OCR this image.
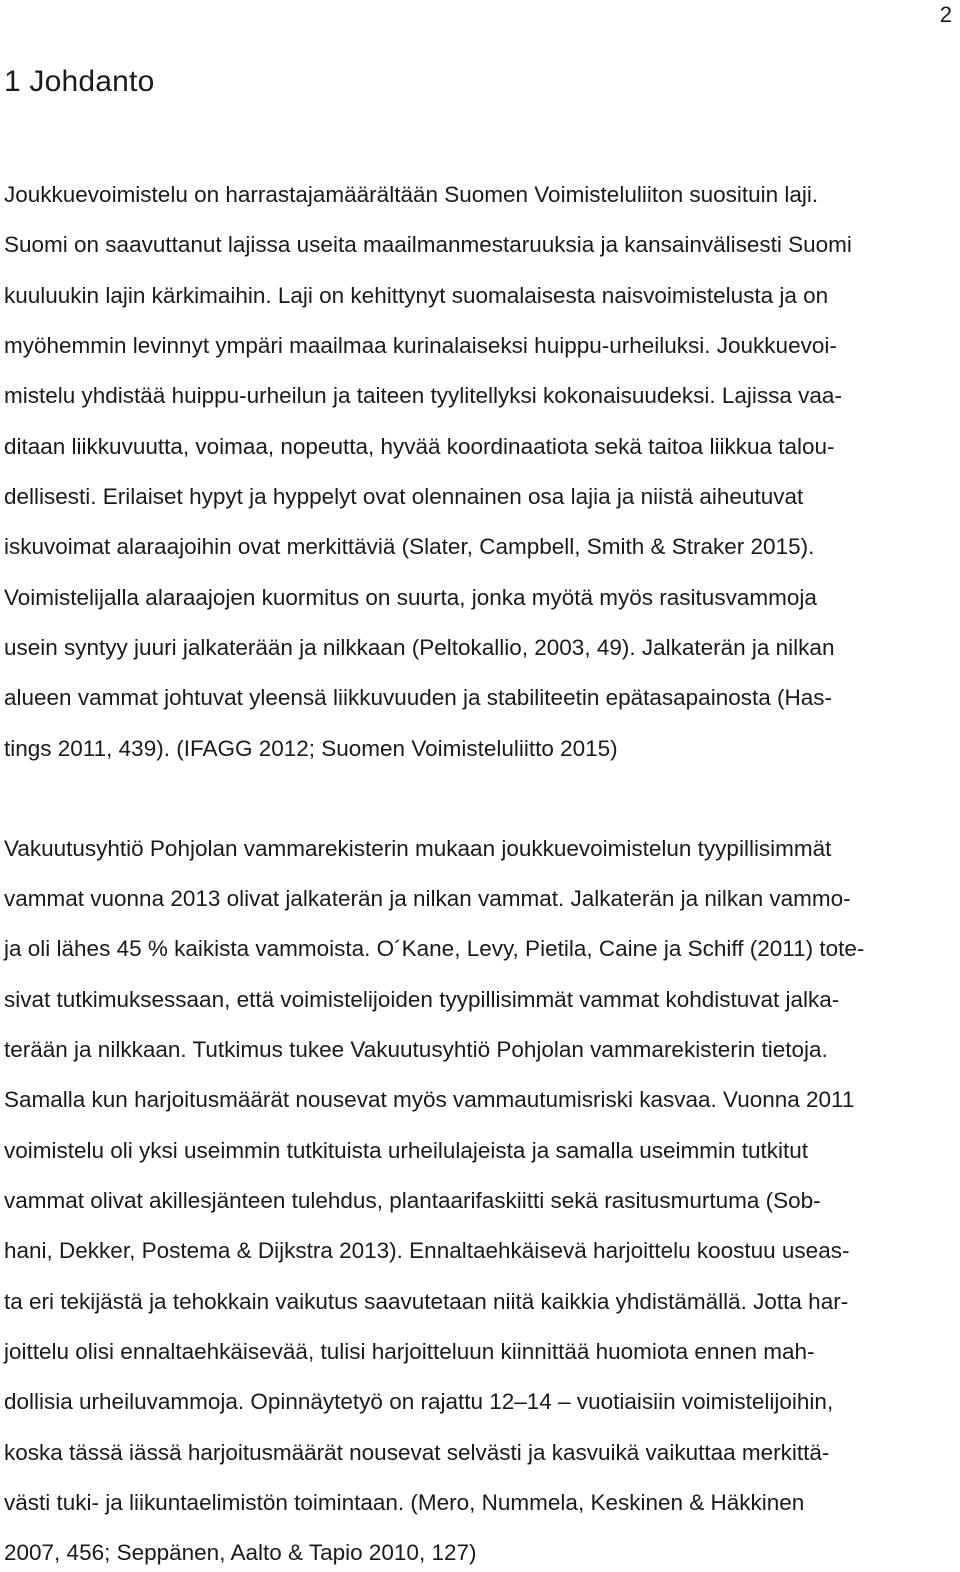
2
1 Johdanto

Joukkuevoimistelu on harrastajamäärältään Suomen Voimisteluliiton suosituin laji.

Suomi on saavuttanut lajissa useita maailmanmestaruuksia ja kansainvälisesti Suomi

kuuluukin lajin kärkimaihin. Laji on kehittynyt suomalaisesta naisvoimistelusta ja on

myöhemmin levinnyt ympäri maailmaa kurinalaiseksi huippu-urheiluksi. Joukkuevoi-

mistelu yhdistää huippu-urheilun ja taiteen tyylitellyksi kokonaisuudeksi. Lajissa vaa-

ditaan liikkuvuutta, voimaa, nopeutta, hyvää koordinaatiota sekä taitoa liikkua talou-

dellisesti. Erilaiset hypyt ja hyppelyt ovat olennainen osa lajia ja niistä aiheutuvat

iskuvoimat alaraajoihin ovat merkittäviä (Slater, Campbell, Smith & Straker 2015).

Voimistelijalla alaraajojen kuormitus on suurta, jonka myötä myös rasitusvammoja

usein syntyy juuri jalkaterään ja nilkkaan (Peltokallio, 2003, 49). Jalkaterän ja nilkan

alueen vammat johtuvat yleensä liikkuvuuden ja stabiliteetin epätasapainosta (Has-

tings 2011, 439). (IFAGG 2012; Suomen Voimisteluliitto 2015)

Vakuutusyhtiö Pohjolan vammarekisterin mukaan joukkuevoimistelun tyypillisimmät

vammat vuonna 2013 olivat jalkaterän ja nilkan vammat. Jalkaterän ja nilkan vammo-

ja oli lähes 45 % kaikista vammoista. O´Kane, Levy, Pietila, Caine ja Schiff (2011) tote-

sivat tutkimuksessaan, että voimistelijoiden tyypillisimmät vammat kohdistuvat jalka-

terään ja nilkkaan. Tutkimus tukee Vakuutusyhtiö Pohjolan vammarekisterin tietoja.

Samalla kun harjoitusmäärät nousevat myös vammautumisriski kasvaa. Vuonna 2011

voimistelu oli yksi useimmin tutkituista urheilulajeista ja samalla useimmin tutkitut

vammat olivat akillesjänteen tulehdus, plantaarifaskiitti sekä rasitusmurtuma (Sob-

hani, Dekker, Postema & Dijkstra 2013). Ennaltaehkäisevä harjoittelu koostuu useas-

ta eri tekijästä ja tehokkain vaikutus saavutetaan niitä kaikkia yhdistämällä. Jotta har-

joittelu olisi ennaltaehkäisevää, tulisi harjoitteluun kiinnittää huomiota ennen mah-

dollisia urheiluvammoja. Opinnäytetyö on rajattu 12–14 – vuotiaisiin voimistelijoihin,

koska tässä iässä harjoitusmäärät nousevat selvästi ja kasvuikä vaikuttaa merkittä-

västi tuki- ja liikuntaelimistön toimintaan. (Mero, Nummela, Keskinen & Häkkinen

2007, 456; Seppänen, Aalto & Tapio 2010, 127)
